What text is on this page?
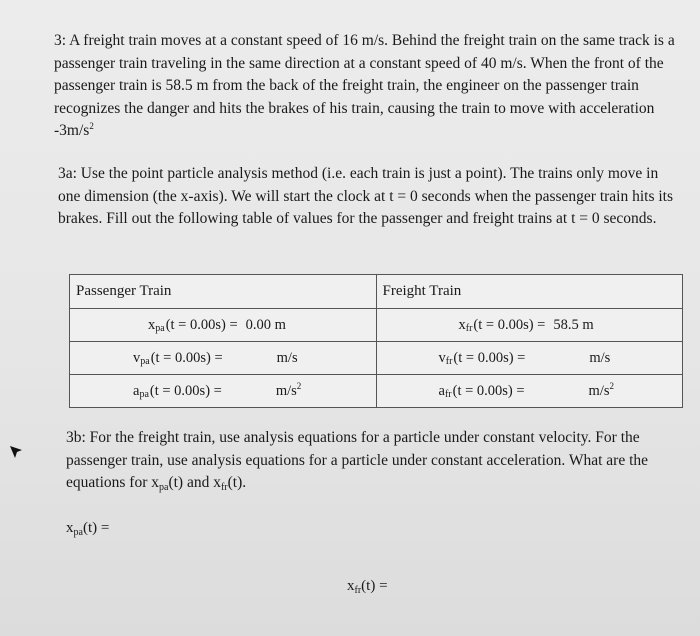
3: A freight train moves at a constant speed of 16 m/s. Behind the freight train on the same track is a passenger train traveling in the same direction at a constant speed of 40 m/s. When the front of the passenger train is 58.5 m from the back of the freight train, the engineer on the passenger train recognizes the danger and hits the brakes of his train, causing the train to move with acceleration $-3m/s^2$

3a: Use the point particle analysis method (i.e. each train is just a point). The trains only move in one dimension (the x-axis). We will start the clock at t = 0 seconds when the passenger train hits its brakes. Fill out the following table of values for the passenger and freight trains at t = 0 seconds.

Passenger Train	Freight Train

x pa (t = 0.00s) = 0.00 m	x fr (t = 0.00s) = 58.5 m

v pa (t = 0.00s) = m/s	v fr (t = 0.00s) = m/s

a pa $(t = 0.00s) = m/s^2$	a fr $(t = 0.00s) = m/s^2$

3b: For the freight train, use analysis equations for a particle under constant velocity. For the passenger train, use analysis equations for a particle under constant acceleration. What are the equations for xpa(t) and xfr(t).

$x_{pa}(t)$ =
$x_{fr}(t)$ =
